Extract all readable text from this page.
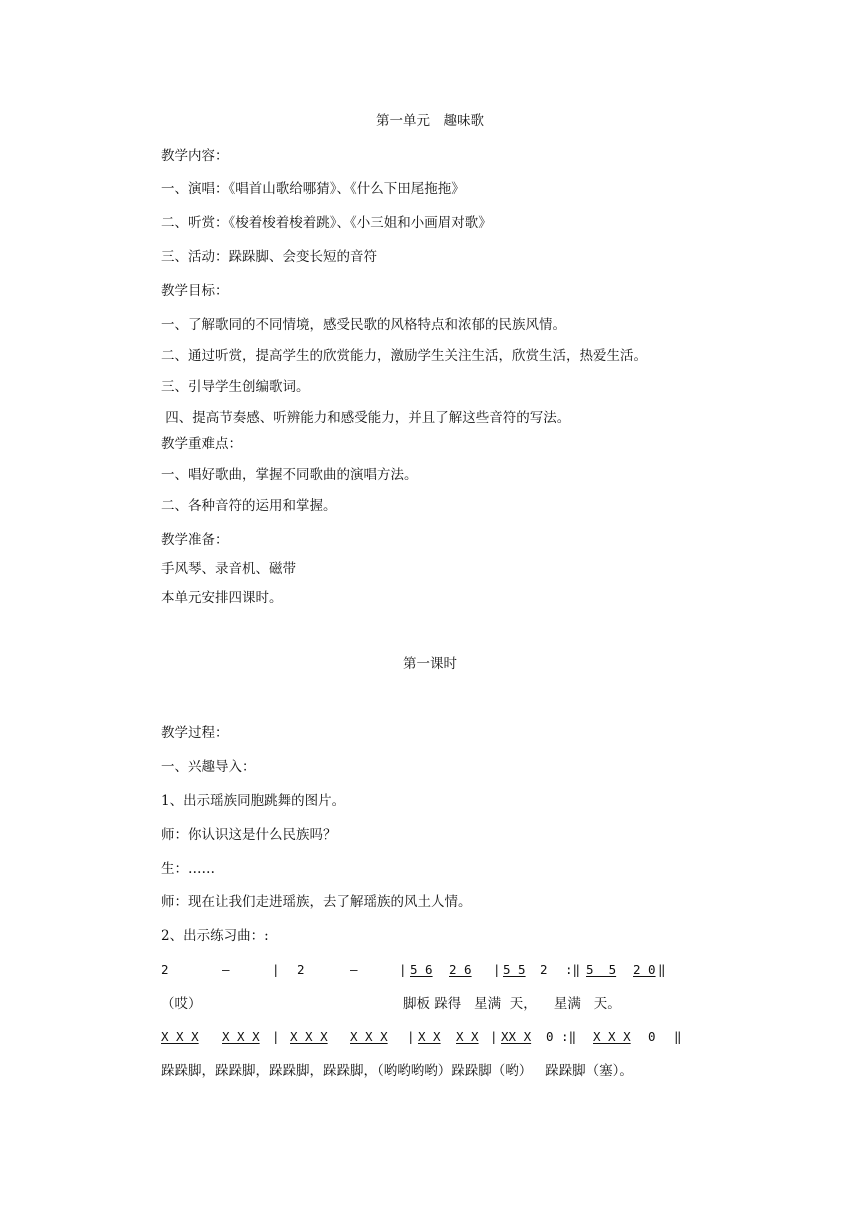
第一单元　趣味歌
教学内容：
一、演唱：《唱首山歌给哪猜》、《什么下田尾拖拖》
二、听赏：《梭着梭着梭着跳》、《小三姐和小画眉对歌》
三、活动：跺跺脚、会变长短的音符
教学目标：
一、了解歌同的不同情境，感受民歌的风格特点和浓郁的民族风情。
二、通过听赏，提高学生的欣赏能力，激励学生关注生活，欣赏生活，热爱生活。
三、引导学生创编歌词。
四、提高节奏感、听辨能力和感受能力，并且了解这些音符的写法。
教学重难点：
一、唱好歌曲，掌握不同歌曲的演唱方法。
二、各种音符的运用和掌握。
教学准备：
手风琴、录音机、磁带
本单元安排四课时。
第一课时
教学过程：
一、兴趣导入：
1、出示瑶族同胞跳舞的图片。
师：你认识这是什么民族吗？
生：……
师：现在让我们走进瑶族，去了解瑶族的风土人情。
2、出示练习曲：:
2	—	| 2	—	| 5 6 2 6 | 5 5 2 :‖ 5  5 2 0 ‖
（哎）	脚板 跺得   星满  天，    星满   天。
X X X X X X | X X X X X X | X X X X | XX X 0 :‖ X X X 0 ‖
跺跺脚，跺跺脚，跺跺脚，跺跺脚，（哟哟哟哟）跺跺脚（哟）   跺跺脚（塞）。
